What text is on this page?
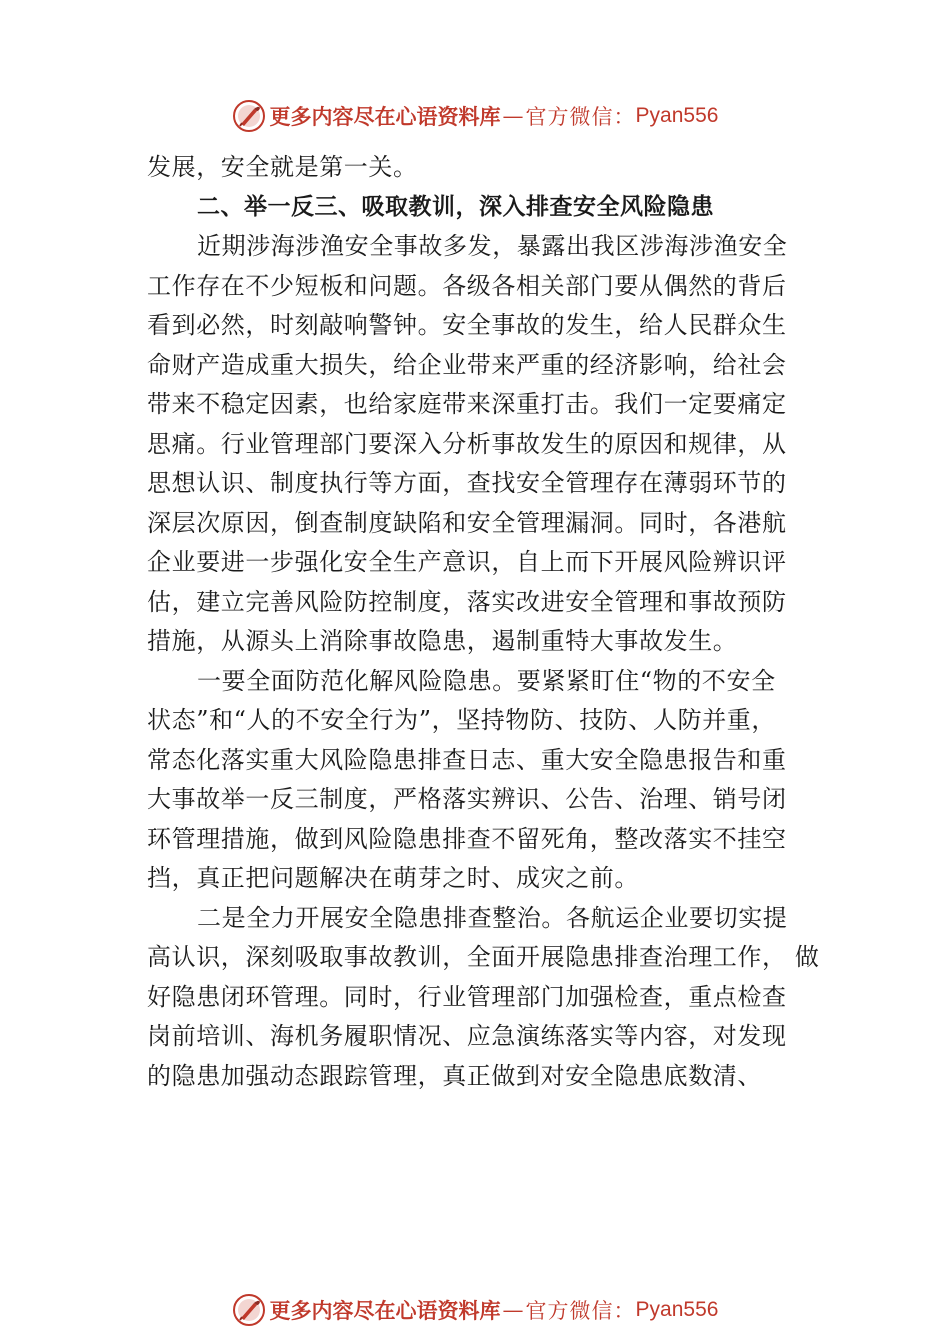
更多内容尽在心语资料库 — 官方微信： Pyan556
发展，安全就是第一关。
二、举一反三、吸取教训，深入排查安全风险隐患
近期涉海涉渔安全事故多发，暴露出我区涉海涉渔安全
工作存在不少短板和问题。各级各相关部门要从偶然的背后
看到必然，时刻敲响警钟。安全事故的发生，给人民群众生
命财产造成重大损失，给企业带来严重的经济影响，给社会
带来不稳定因素，也给家庭带来深重打击。我们一定要痛定
思痛。行业管理部门要深入分析事故发生的原因和规律，从
思想认识、制度执行等方面，查找安全管理存在薄弱环节的
深层次原因，倒查制度缺陷和安全管理漏洞。同时，各港航
企业要进一步强化安全生产意识，自上而下开展风险辨识评
估，建立完善风险防控制度，落实改进安全管理和事故预防
措施，从源头上消除事故隐患，遏制重特大事故发生。
一要全面防范化解风险隐患。要紧紧盯住“物的不安全
状态”和“人的不安全行为”，坚持物防、技防、人防并重，
常态化落实重大风险隐患排查日志、重大安全隐患报告和重
大事故举一反三制度，严格落实辨识、公告、治理、销号闭
环管理措施，做到风险隐患排查不留死角，整改落实不挂空
挡，真正把问题解决在萌芽之时、成灾之前。
二是全力开展安全隐患排查整治。各航运企业要切实提
高认识，深刻吸取事故教训，全面开展隐患排查治理工作， 做
好隐患闭环管理。同时，行业管理部门加强检查，重点检查
岗前培训、海机务履职情况、应急演练落实等内容，对发现
的隐患加强动态跟踪管理，真正做到对安全隐患底数清、
更多内容尽在心语资料库 — 官方微信： Pyan556
